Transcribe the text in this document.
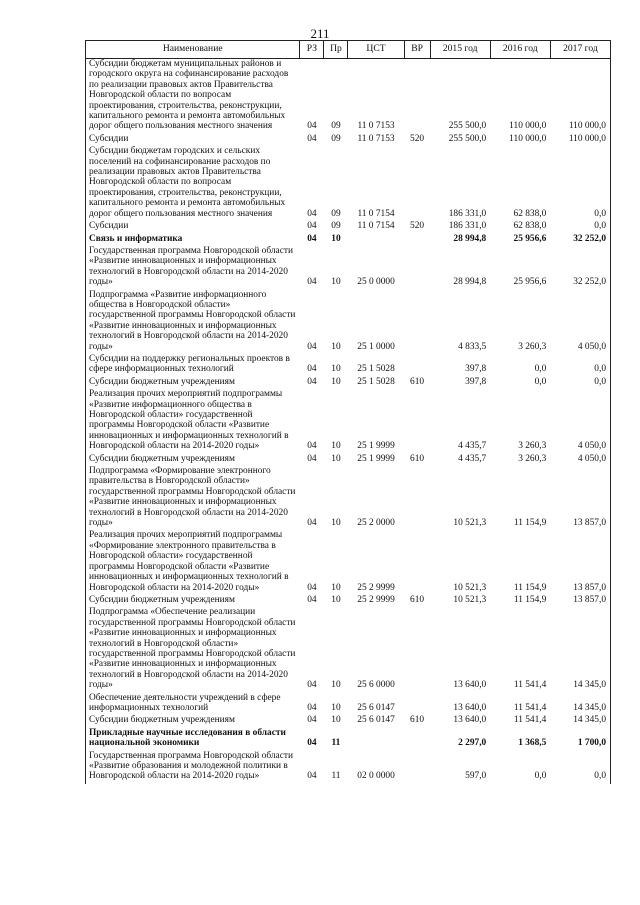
211
Наименование	РЗ	Пр	ЦСТ	ВР	2015 год	2016 год	2017 год
Субсидии бюджетам муниципальных районов и городского округа на софинансирование расходов по реализации правовых актов Правительства Новгородской области по вопросам проектирования, строительства, реконструкции, капитального ремонта и ремонта автомобильных дорог общего пользования местного значения	04	09	11 0 7153		255 500,0	110 000,0	110 000,0
Субсидии	04	09	11 0 7153	520	255 500,0	110 000,0	110 000,0
Субсидии бюджетам городских и сельских поселений на софинансирование расходов по реализации правовых актов Правительства Новгородской области по вопросам проектирования, строительства, реконструкции, капитального ремонта и ремонта автомобильных дорог общего пользования местного значения	04	09	11 0 7154		186 331,0	62 838,0	0,0
Субсидии	04	09	11 0 7154	520	186 331,0	62 838,0	0,0
Связь и информатика	04	10			28 994,8	25 956,6	32 252,0
Государственная программа Новгородской области «Развитие инновационных и информационных технологий в Новгородской области на 2014-2020 годы»	04	10	25 0 0000		28 994,8	25 956,6	32 252,0
Подпрограмма «Развитие информационного общества в Новгородской области» государственной программы Новгородской области «Развитие инновационных и информационных технологий в Новгородской области на 2014-2020 годы»	04	10	25 1 0000		4 833,5	3 260,3	4 050,0
Субсидии на поддержку региональных проектов в сфере информационных технологий	04	10	25 1 5028		397,8	0,0	0,0
Субсидии бюджетным учреждениям	04	10	25 1 5028	610	397,8	0,0	0,0
Реализация прочих мероприятий подпрограммы «Развитие информационного общества в Новгородской области» государственной программы Новгородской области «Развитие инновационных и информационных технологий в Новгородской области на 2014-2020 годы»	04	10	25 1 9999		4 435,7	3 260,3	4 050,0
Субсидии бюджетным учреждениям	04	10	25 1 9999	610	4 435,7	3 260,3	4 050,0
Подпрограмма «Формирование электронного правительства в Новгородской области» государственной программы Новгородской области «Развитие инновационных и информационных технологий в Новгородской области на 2014-2020 годы»	04	10	25 2 0000		10 521,3	11 154,9	13 857,0
Реализация прочих мероприятий подпрограммы «Формирование электронного правительства в Новгородской области» государственной программы Новгородской области «Развитие инновационных и информационных технологий в Новгородской области на 2014-2020 годы»	04	10	25 2 9999		10 521,3	11 154,9	13 857,0
Субсидии бюджетным учреждениям	04	10	25 2 9999	610	10 521,3	11 154,9	13 857,0
Подпрограмма «Обеспечение реализации государственной программы Новгородской области «Развитие инновационных и информационных технологий в Новгородской области» государственной программы Новгородской области «Развитие инновационных и информационных технологий в Новгородской области на 2014-2020 годы»	04	10	25 6 0000		13 640,0	11 541,4	14 345,0
Обеспечение деятельности учреждений в сфере информационных технологий	04	10	25 6 0147		13 640,0	11 541,4	14 345,0
Субсидии бюджетным учреждениям	04	10	25 6 0147	610	13 640,0	11 541,4	14 345,0
Прикладные научные исследования в области национальной экономики	04	11			2 297,0	1 368,5	1 700,0
Государственная программа Новгородской области «Развитие образования и молодежной политики в Новгородской области на 2014-2020 годы»	04	11	02 0 0000		597,0	0,0	0,0
